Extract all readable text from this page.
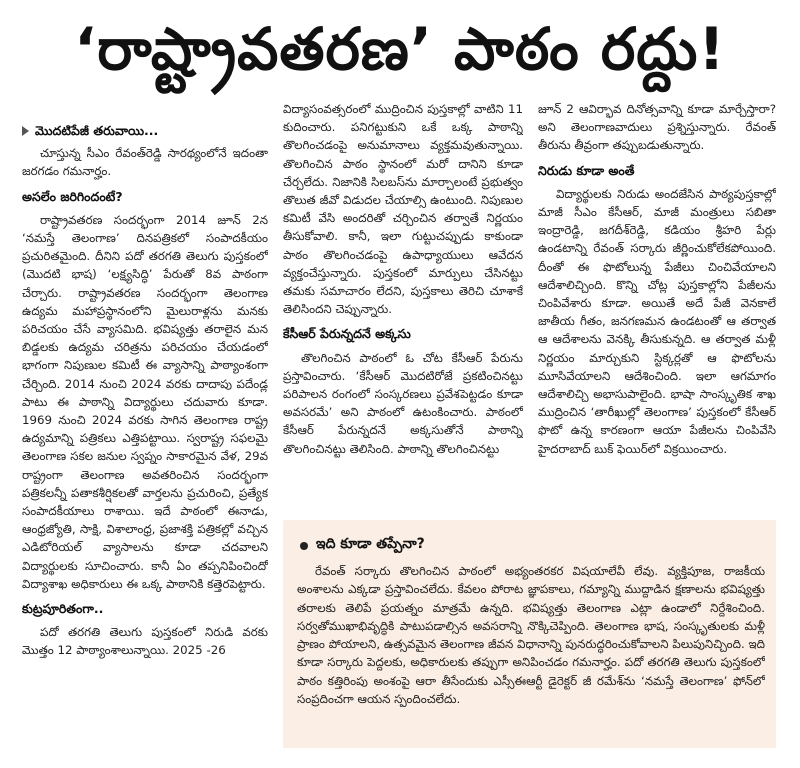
‘రాష్ట్రావతరణ’ పాఠం రద్దు!
మొదటిపేజీ తరువాయి...

చూస్తున్న సీఎం రేవంత్‌రెడ్డి సారథ్యంలోనే ఇదంతా జరగడం గమనార్హం.

అసలేం జరిగిందంటే?

రాష్ట్రావతరణ సందర్భంగా 2014 జూన్‌ 2న ‘నమస్తే తెలంగాణ’ దినపత్రికలో సంపాదకీయం ప్రచురితమైంది. దీనిని పదో తరగతి తెలుగు పుస్తకంలో (మొదటి భాష) ‘లక్ష్యసిద్ధి’ పేరుతో 8వ పాఠంగా చేర్చారు. రాష్ట్రావతరణ సందర్భంగా తెలంగాణ ఉద్యమ మహాప్రస్థానంలోని మైలురాళ్లను మనకు పరిచయం చేసే వ్యాసమిది. భవిష్యత్తు తరాలైన మన బిడ్డలకు ఉద్యమ చరిత్రను పరిచయం చేయడంలో భాగంగా నిపుణుల కమిటీ ఈ వ్యాసాన్ని పాఠ్యాంశంగా చేర్చింది. 2014 నుంచి 2024 వరకు దాదాపు పదేండ్ల పాటు ఈ పాఠాన్ని విద్యార్థులు చదువారు కూడా. 1969 నుంచి 2024 వరకు సాగిన తెలంగాణ రాష్ట్ర ఉద్యమాన్ని పత్రికలు ఎత్తిపట్టాయి. స్వరాష్ట్ర సఫలమై తెలంగాణ సకల జనుల స్వప్నం సాకారమైన వేళ, 29వ రాష్ట్రంగా తెలంగాణ అవతరించిన సందర్భంగా పత్రికలన్నీ పతాకశీర్షికలతో వార్తలను ప్రచురించి, ప్రత్యేక సంపాదకీయాలు రాశాయి. ఇదే పాఠంలో ఈనాడు, ఆంధ్రజ్యోతి, సాక్షి, విశాలాంధ్ర, ప్రజాశక్తి పత్రికల్లో వచ్చిన ఎడిటోరియల్‌ వ్యాసాలను కూడా చదవాలని విద్యార్థులకు సూచించారు. కానీ ఏం తప్పనిపించిందో విద్యాశాఖ అధికారులు ఈ ఒక్క పాఠానికి కత్తెరపెట్టారు.

కుట్రపూరితంగా..

పదో తరగతి తెలుగు పుస్తకంలో నిరుడి వరకు మొత్తం 12 పాఠ్యాంశాలున్నాయి. 2025 -26

విద్యాసంవత్సరంలో ముద్రించిన పుస్తకాల్లో వాటిని 11 కుదించారు. పనిగట్టుకుని ఒకే ఒక్క పాఠాన్ని తొలగించడంపై అనుమానాలు వ్యక్తమవుతున్నాయి. తొలగించిన పాఠం స్థానంలో మరో దానిని కూడా చేర్చలేదు. నిజానికి సిలబస్‌ను మార్చాలంటే ప్రభుత్వం తొలుత జీవో విడుదల చేయాల్సి ఉంటుంది. నిపుణుల కమిటీ వేసి అందరితో చర్చించిన తర్వాతే నిర్ణయం తీసుకోవాలి. కానీ, ఇలా గుట్టుచప్పుడు కాకుండా పాఠం తొలగించడంపై ఉపాధ్యాయులు ఆవేదన వ్యక్తంచేస్తున్నారు. పుస్తకంలో మార్పులు చేసినట్టు తమకు సమాచారం లేదని, పుస్తకాలు తెరిచి చూశాకే తెలిసిందని చెప్పున్నారు.

కేసీఆర్‌ పేరున్నదనే అక్కసు

తొలగించిన పాఠంలో ఓ చోట కేసీఆర్‌ పేరును ప్రస్తావించారు. ‘కేసీఆర్‌ మొదటిరోజే ప్రకటించినట్టు పరిపాలన రంగంలో సంస్కరణలు ప్రవేశపెట్టడం కూడా అవసరమే’ అని పాఠంలో ఉటంకించారు. పాఠంలో కేసీఆర్‌ పేరున్నదనే అక్కసుతోనే పాఠాన్ని తొలగించినట్టు తెలిసింది. పాఠాన్ని తొలగించినట్టు

జూన్‌ 2 ఆవిర్భావ దినోత్సవాన్ని కూడా మార్చేస్తారా? అని తెలంగాణవాదులు ప్రశ్నిస్తున్నారు. రేవంత్‌ తీరును తీవ్రంగా తప్పుబడుతున్నారు.

నిరుడు కూడా అంతే

విద్యార్థులకు నిరుడు అందజేసిన పాఠ్యపుస్తకాల్లో మాజీ సీఎం కేసీఆర్‌, మాజీ మంత్రులు సబితా ఇంద్రారెడ్డి, జగదీశ్‌రెడ్డి, కడియం శ్రీహరి పేర్లు ఉండటాన్ని రేవంత్‌ సర్కారు జీర్ణించుకోలేకపోయింది. దీంతో ఈ ఫొటోలున్న పేజీలు చించివేయాలని ఆదేశాలిచ్చింది. కొన్ని చోట్ల పుస్తకాల్లోని పేజీలను చింపివేశారు కూడా. అయితే అదే పేజీ వెనకాలే జాతీయ గీతం, జనగణమన ఉండటంతో ఆ తర్వాత ఆ ఆదేశాలను వెనక్కి తీసుకున్నది. ఆ తర్వాత మళ్లీ నిర్ణయం మార్చుకుని స్టిక్కర్లతో ఆ ఫొటోలను మూసివేయాలని ఆదేశించింది. ఇలా ఆగమాగం ఆదేశాలిచ్చి అభాసుపాలైంది. భాషా సాంస్కృతిక శాఖ ముద్రించిన ‘తారీఖుల్లో తెలంగాణ’ పుస్తకంలో కేసీఆర్‌ ఫొటో ఉన్న కారణంగా ఆయా పేజీలను చింపివేసి హైదరాబాద్‌ బుక్‌ ఫెయిర్‌లో విక్రయించారు.

ఇది కూడా తప్పేనా?

రేవంత్‌ సర్కారు తొలగించిన పాఠంలో అభ్యంతరకర విషయాలేవీ లేవు. వ్యక్తిపూజ, రాజకీయ అంశాలను ఎక్కడా ప్రస్తావించలేదు. కేవలం పోరాట జ్ఞాపకాలు, గమ్యాన్ని ముద్దాడిన క్షణాలను భవిష్యత్తు తరాలకు తెలిపే ప్రయత్నం మాత్రమే ఉన్నది. భవిష్యత్తు తెలంగాణ ఎట్లా ఉండాలో నిర్దేశించింది. సర్వతోముఖాభివృద్ధికి పాటుపడాల్సిన అవసరాన్ని నొక్కిచెప్పింది. తెలంగాణ భాష, సంస్కృతులకు మళ్లీ ప్రాణం పోయాలని, ఉత్సవమైన తెలంగాణ జీవన విధానాన్ని పునరుద్ధరించుకోవాలని పిలుపునిచ్చింది. ఇది కూడా సర్కారు పెద్దలకు, అధికారులకు తప్పుగా అనిపించడం గమనార్హం. పదో తరగతి తెలుగు పుస్తకంలో పాఠం కత్తిరింపు అంశంపై ఆరా తీసేందుకు ఎస్సీఈఆర్టీ డైరెక్టర్‌ జీ రమేశ్‌ను ‘నమస్తే తెలంగాణ’ ఫోన్‌లో సంప్రదించగా ఆయన స్పందించలేదు.
